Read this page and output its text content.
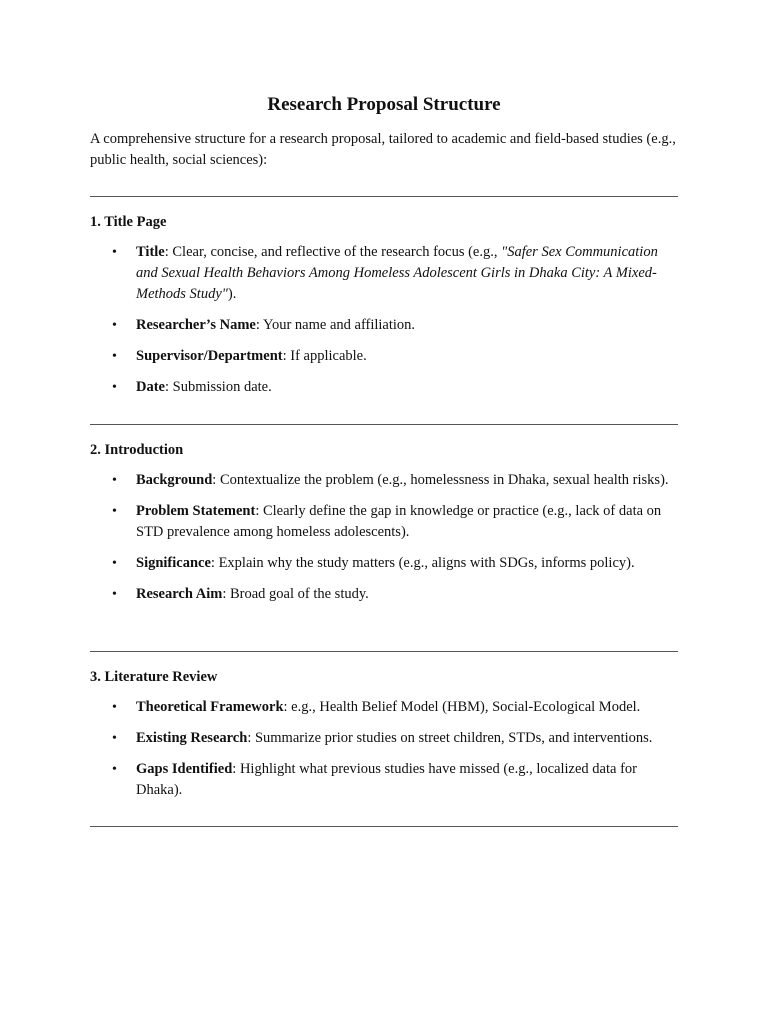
Research Proposal Structure

A comprehensive structure for a research proposal, tailored to academic and field-based studies (e.g., public health, social sciences):

1. Title Page
• Title: Clear, concise, and reflective of the research focus (e.g., "Safer Sex Communication and Sexual Health Behaviors Among Homeless Adolescent Girls in Dhaka City: A Mixed-Methods Study").
• Researcher’s Name: Your name and affiliation.
• Supervisor/Department: If applicable.
• Date: Submission date.
2. Introduction
• Background: Contextualize the problem (e.g., homelessness in Dhaka, sexual health risks).
• Problem Statement: Clearly define the gap in knowledge or practice (e.g., lack of data on STD prevalence among homeless adolescents).
• Significance: Explain why the study matters (e.g., aligns with SDGs, informs policy).
• Research Aim: Broad goal of the study.
3. Literature Review
• Theoretical Framework: e.g., Health Belief Model (HBM), Social-Ecological Model.
• Existing Research: Summarize prior studies on street children, STDs, and interventions.
• Gaps Identified: Highlight what previous studies have missed (e.g., localized data for Dhaka).
